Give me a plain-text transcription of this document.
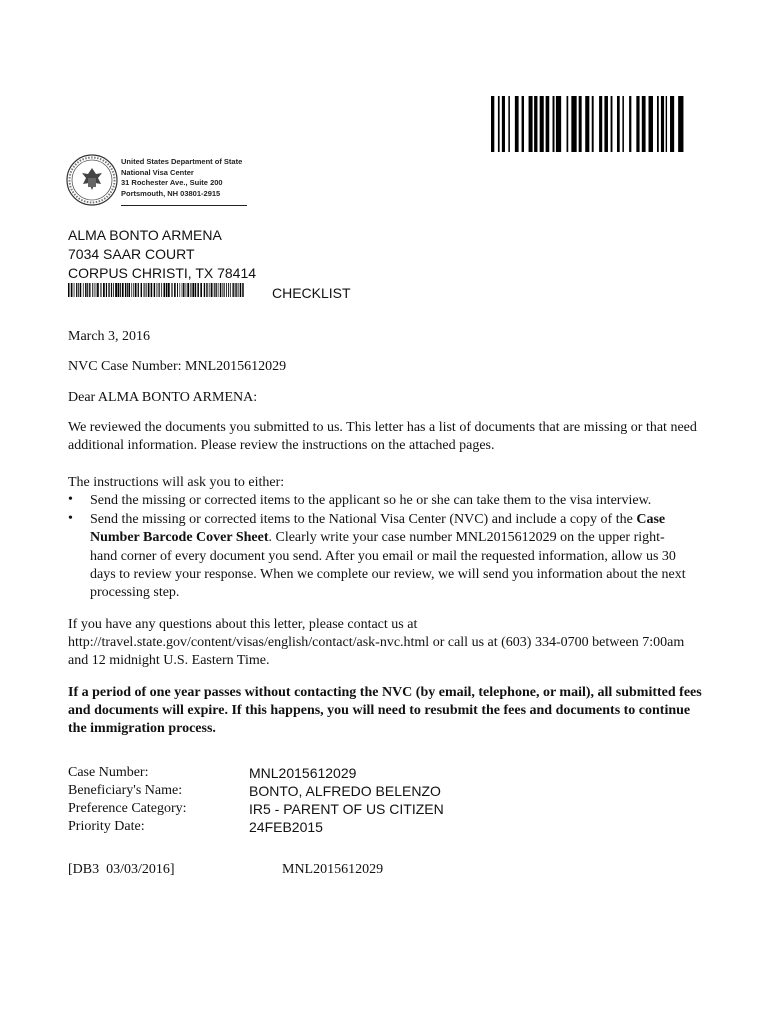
United States Department of State
National Visa Center
31 Rochester Ave., Suite 200
Portsmouth, NH 03801-2915
ALMA BONTO ARMENA
7034 SAAR COURT
CORPUS CHRISTI, TX 78414
CHECKLIST
March 3, 2016
NVC Case Number: MNL2015612029
Dear ALMA BONTO ARMENA:
We reviewed the documents you submitted to us. This letter has a list of documents that are missing or that need additional information. Please review the instructions on the attached pages.
The instructions will ask you to either:
• Send the missing or corrected items to the applicant so he or she can take them to the visa interview.
• Send the missing or corrected items to the National Visa Center (NVC) and include a copy of the Case Number Barcode Cover Sheet. Clearly write your case number MNL2015612029 on the upper right-hand corner of every document you send. After you email or mail the requested information, allow us 30 days to review your response. When we complete our review, we will send you information about the next processing step.
If you have any questions about this letter, please contact us at http://travel.state.gov/content/visas/english/contact/ask-nvc.html or call us at (603) 334-0700 between 7:00am and 12 midnight U.S. Eastern Time.
If a period of one year passes without contacting the NVC (by email, telephone, or mail), all submitted fees and documents will expire. If this happens, you will need to resubmit the fees and documents to continue the immigration process.
Case Number:	MNL2015612029
Beneficiary's Name:	BONTO, ALFREDO BELENZO
Preference Category:	IR5 - PARENT OF US CITIZEN
Priority Date:	24FEB2015
[DB3  03/03/2016]	MNL2015612029
